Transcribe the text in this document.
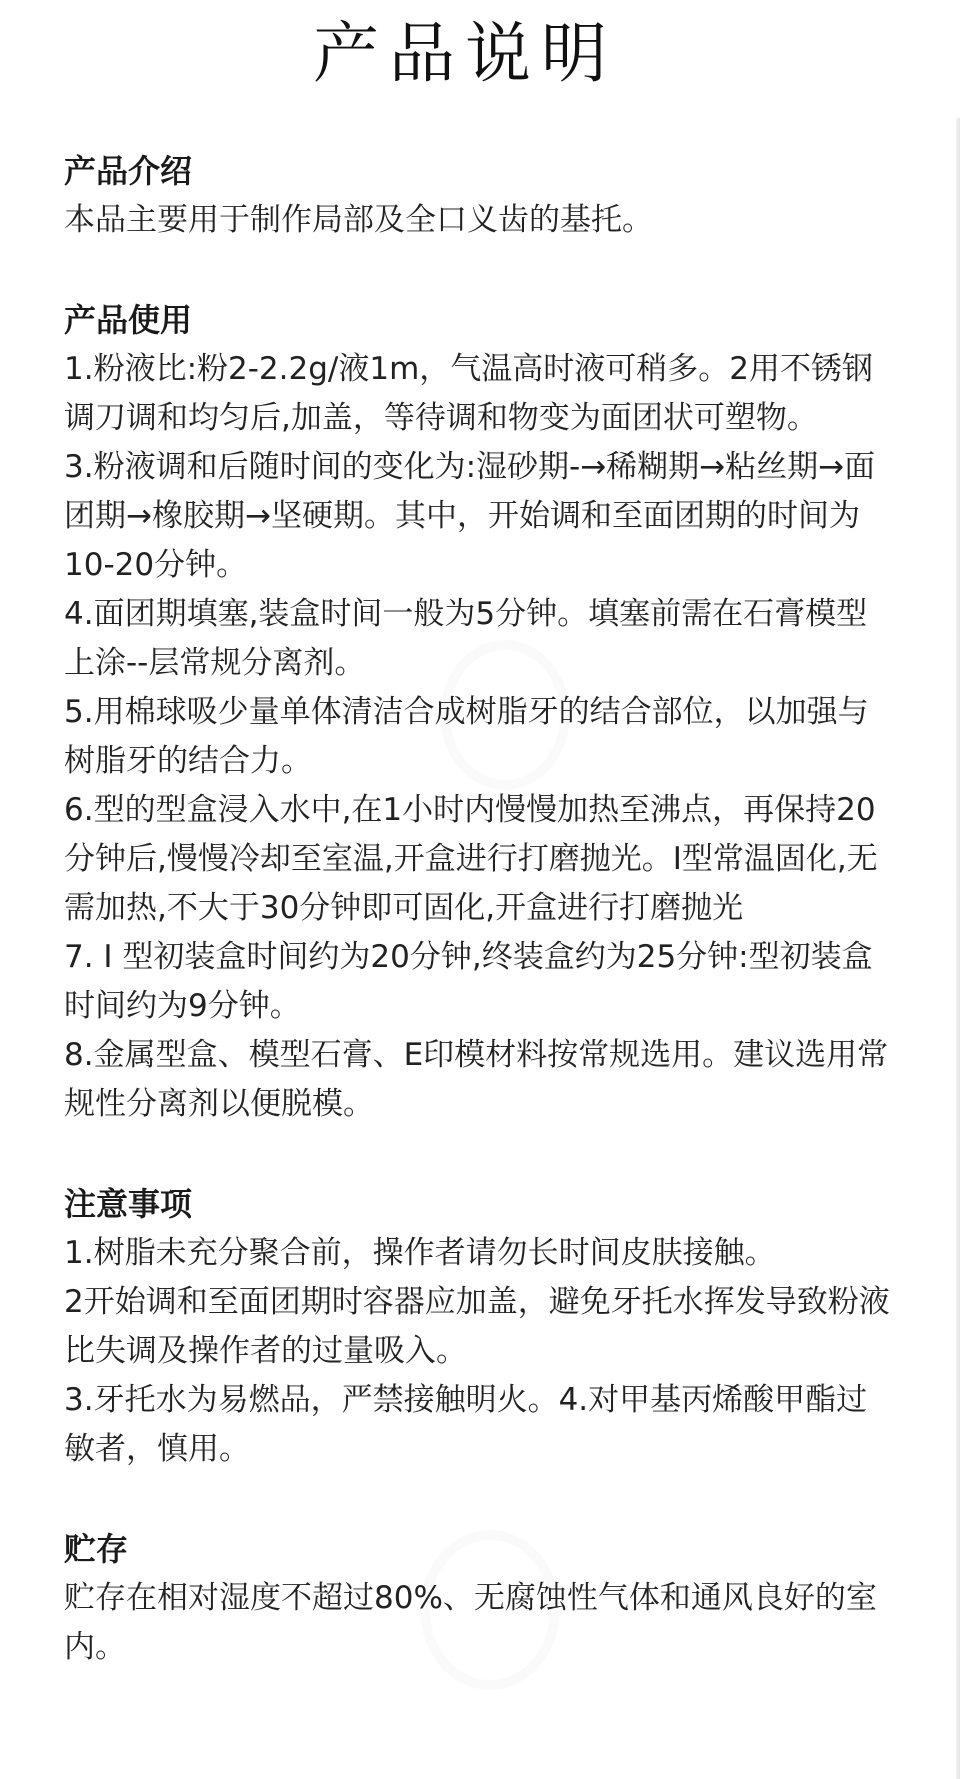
产品说明
产品介绍

本品主要用于制作局部及全口义齿的基托。

产品使用

1.粉液比:粉2-2.2g/液1m，气温高时液可稍多。2用不锈钢调刀调和均匀后,加盖，等待调和物变为面团状可塑物。

3.粉液调和后随时间的变化为:湿砂期-→稀糊期→粘丝期→面团期→橡胶期→坚硬期。其中，开始调和至面团期的时间为10-20分钟。

4.面团期填塞,装盒时间一般为5分钟。填塞前需在石膏模型上涂--层常规分离剂。

5.用棉球吸少量单体清洁合成树脂牙的结合部位，以加强与树脂牙的结合力。

6.型的型盒浸入水中,在1小时内慢慢加热至沸点，再保持20分钟后,慢慢冷却至室温,开盒进行打磨抛光。I型常温固化,无需加热,不大于30分钟即可固化,开盒进行打磨抛光

7. I 型初装盒时间约为20分钟,终装盒约为25分钟:型初装盒时间约为9分钟。

8.金属型盒、模型石膏、E印模材料按常规选用。建议选用常规性分离剂以便脱模。

注意事项

1.树脂未充分聚合前，操作者请勿长时间皮肤接触。

2开始调和至面团期时容器应加盖，避免牙托水挥发导致粉液比失调及操作者的过量吸入。

3.牙托水为易燃品，严禁接触明火。4.对甲基丙烯酸甲酯过敏者，慎用。

贮存

贮存在相对湿度不超过80%、无腐蚀性气体和通风良好的室内。
